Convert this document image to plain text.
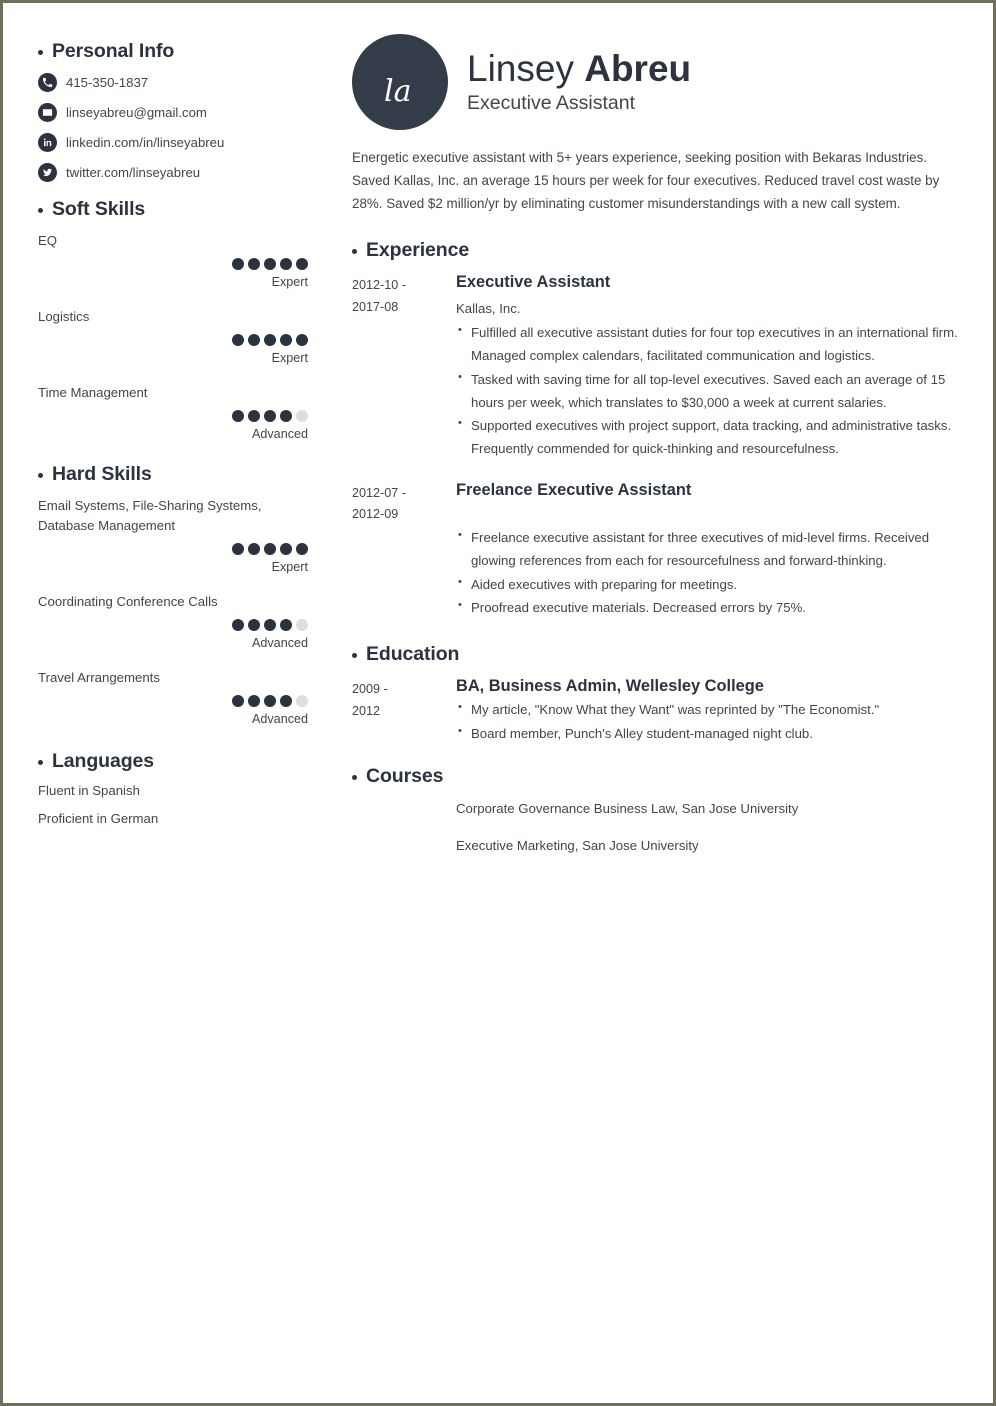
Personal Info
415-350-1837
linseyabreu@gmail.com
linkedin.com/in/linseyabreu
twitter.com/linseyabreu
Soft Skills
EQ
Expert
Logistics
Expert
Time Management
Advanced
Hard Skills
Email Systems, File-Sharing Systems, Database Management
Expert
Coordinating Conference Calls
Advanced
Travel Arrangements
Advanced
Languages
Fluent in Spanish
Proficient in German
la
Linsey Abreu
Executive Assistant

Energetic executive assistant with 5+ years experience, seeking position with Bekaras Industries. Saved Kallas, Inc. an average 15 hours per week for four executives. Reduced travel cost waste by 28%. Saved $2 million/yr by eliminating customer misunderstandings with a new call system.

Experience
2012-10 -
2017-08
Executive Assistant
Kallas, Inc.
• Fulfilled all executive assistant duties for four top executives in an international firm. Managed complex calendars, facilitated communication and logistics.
• Tasked with saving time for all top-level executives. Saved each an average of 15 hours per week, which translates to $30,000 a week at current salaries.
• Supported executives with project support, data tracking, and administrative tasks. Frequently commended for quick-thinking and resourcefulness.
2012-07 -
2012-09
Freelance Executive Assistant
• Freelance executive assistant for three executives of mid-level firms. Received glowing references from each for resourcefulness and forward-thinking.
• Aided executives with preparing for meetings.
• Proofread executive materials. Decreased errors by 75%.
Education
2009 -
2012
BA, Business Admin, Wellesley College
• My article, "Know What they Want" was reprinted by "The Economist."
• Board member, Punch's Alley student-managed night club.
Courses
Corporate Governance Business Law, San Jose University
Executive Marketing, San Jose University
